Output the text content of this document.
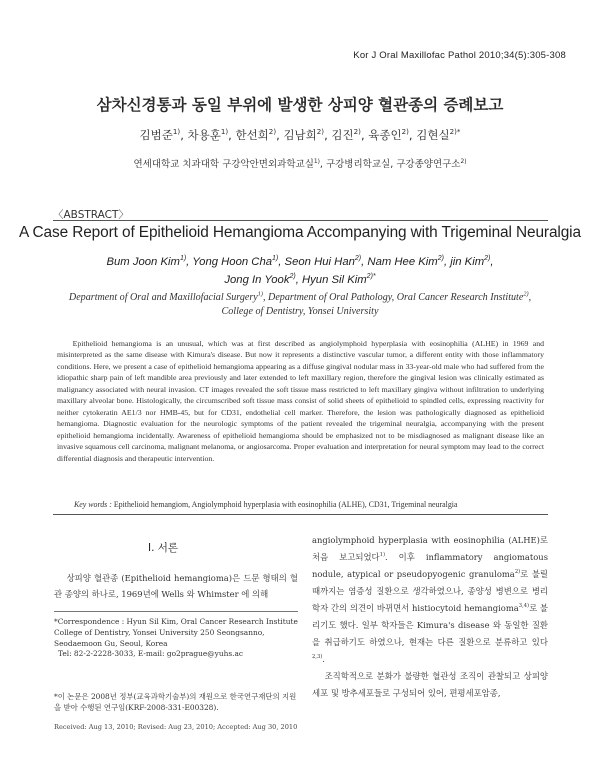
Kor J Oral Maxillofac Pathol 2010;34(5):305-308
삼차신경통과 동일 부위에 발생한 상피양 혈관종의 증례보고
김범준$^{1)}$, 차용훈$^{1)}$, 한선희$^{2)}$, 김남희$^{2)}$, 김진$^{2)}$, 육종인$^{2)}$, 김현실$^{2)*}$
연세대학교 치과대학 구강악안면외과학교실$^{1)}$, 구강병리학교실, 구강종양연구소$^{2)}$
〈ABSTRACT〉
A Case Report of Epithelioid Hemangioma Accompanying with Trigeminal Neuralgia
Bum Joon Kim$^{1)}$, Yong Hoon Cha$^{1)}$, Seon Hui Han$^{2)}$, Nam Hee Kim$^{2)}$, jin Kim$^{2)}$,
Jong In Yook$^{2)}$, Hyun Sil Kim$^{2)*}$
Department of Oral and Maxillofacial Surgery$^{1)}$, Department of Oral Pathology, Oral Cancer Research Institute$^{2)}$, College of Dentistry, Yonsei University

Epithelioid hemangioma is an unusual, which was at first described as angiolymphoid hyperplasia with eosinophilia (ALHE) in 1969 and misinterpreted as the same disease with Kimura's disease. But now it represents a distinctive vascular tumor, a different entity with those inflammatory conditions. Here, we present a case of epithelioid hemangioma appearing as a diffuse gingival nodular mass in 33-year-old male who had suffered from the idiopathic sharp pain of left mandible area previously and later extended to left maxillary region, therefore the gingival lesion was clinically estimated as malignancy associated with neural invasion. CT images revealed the soft tissue mass restricted to left maxillary gingiva without infiltration to underlying maxillary alveolar bone. Histologically, the circumscribed soft tissue mass consist of solid sheets of epithelioid to spindled cells, expressing reactivity for neither cytokeratin AE1/3 nor HMB-45, but for CD31, endothelial cell marker. Therefore, the lesion was pathologically diagnosed as epithelioid hemangioma. Diagnostic evaluation for the neurologic symptoms of the patient revealed the trigeminal neuralgia, accompanying with the present epithelioid hemangioma incidentally. Awareness of epithelioid hemangioma should be emphasized not to be misdiagnosed as malignant disease like an invasive squamous cell carcinoma, malignant melanoma, or angiosarcoma. Proper evaluation and interpretation for neural symptom may lead to the correct differential diagnosis and therapeutic intervention.

Key words : Epithelioid hemangiom, Angiolymphoid hyperplasia with eosinophilia (ALHE), CD31, Trigeminal neuralgia
I. 서론

상피양 혈관종 (Epithelioid hemangioma)은 드문 형태의 혈관 종양의 하나로, 1969년에 Wells 와 Whimster 에 의해

*Correspondence : Hyun Sil Kim, Oral Cancer Research Institute College of Dentistry, Yonsei University 250 Seongsanno, Seodaemoon Gu, Seoul, Korea
Tel: 82-2-2228-3033, E-mail: go2prague@yuhs.ac

*이 논문은 2008년 정부(교육과학기술부)의 재원으로 한국연구재단의 지원을 받아 수행된 연구임(KRF-2008-331-E00328).

Received: Aug 13, 2010; Revised: Aug 23, 2010; Accepted: Aug 30, 2010

angiolymphoid hyperplasia with eosinophilia (ALHE)로 처음 보고되었다$^{1)}$. 이후 inflammatory angiomatous nodule, atypical or pseudopyogenic granuloma$^{2)}$로 불릴 때까지는 염증성 질환으로 생각하였으나, 종양성 병변으로 병리학자 간의 의견이 바뀌면서 histiocytoid hemangioma$^{3,4)}$로 불리기도 했다. 일부 학자들은 Kimura's disease 와 동일한 질환을 취급하기도 하였으나, 현재는 다른 질환으로 분류하고 있다$^{2,3)}$.

조직학적으로 분화가 불량한 혈관성 조직이 관찰되고 상피양 세포 및 방추세포들로 구성되어 있어, 편평세포암종,
